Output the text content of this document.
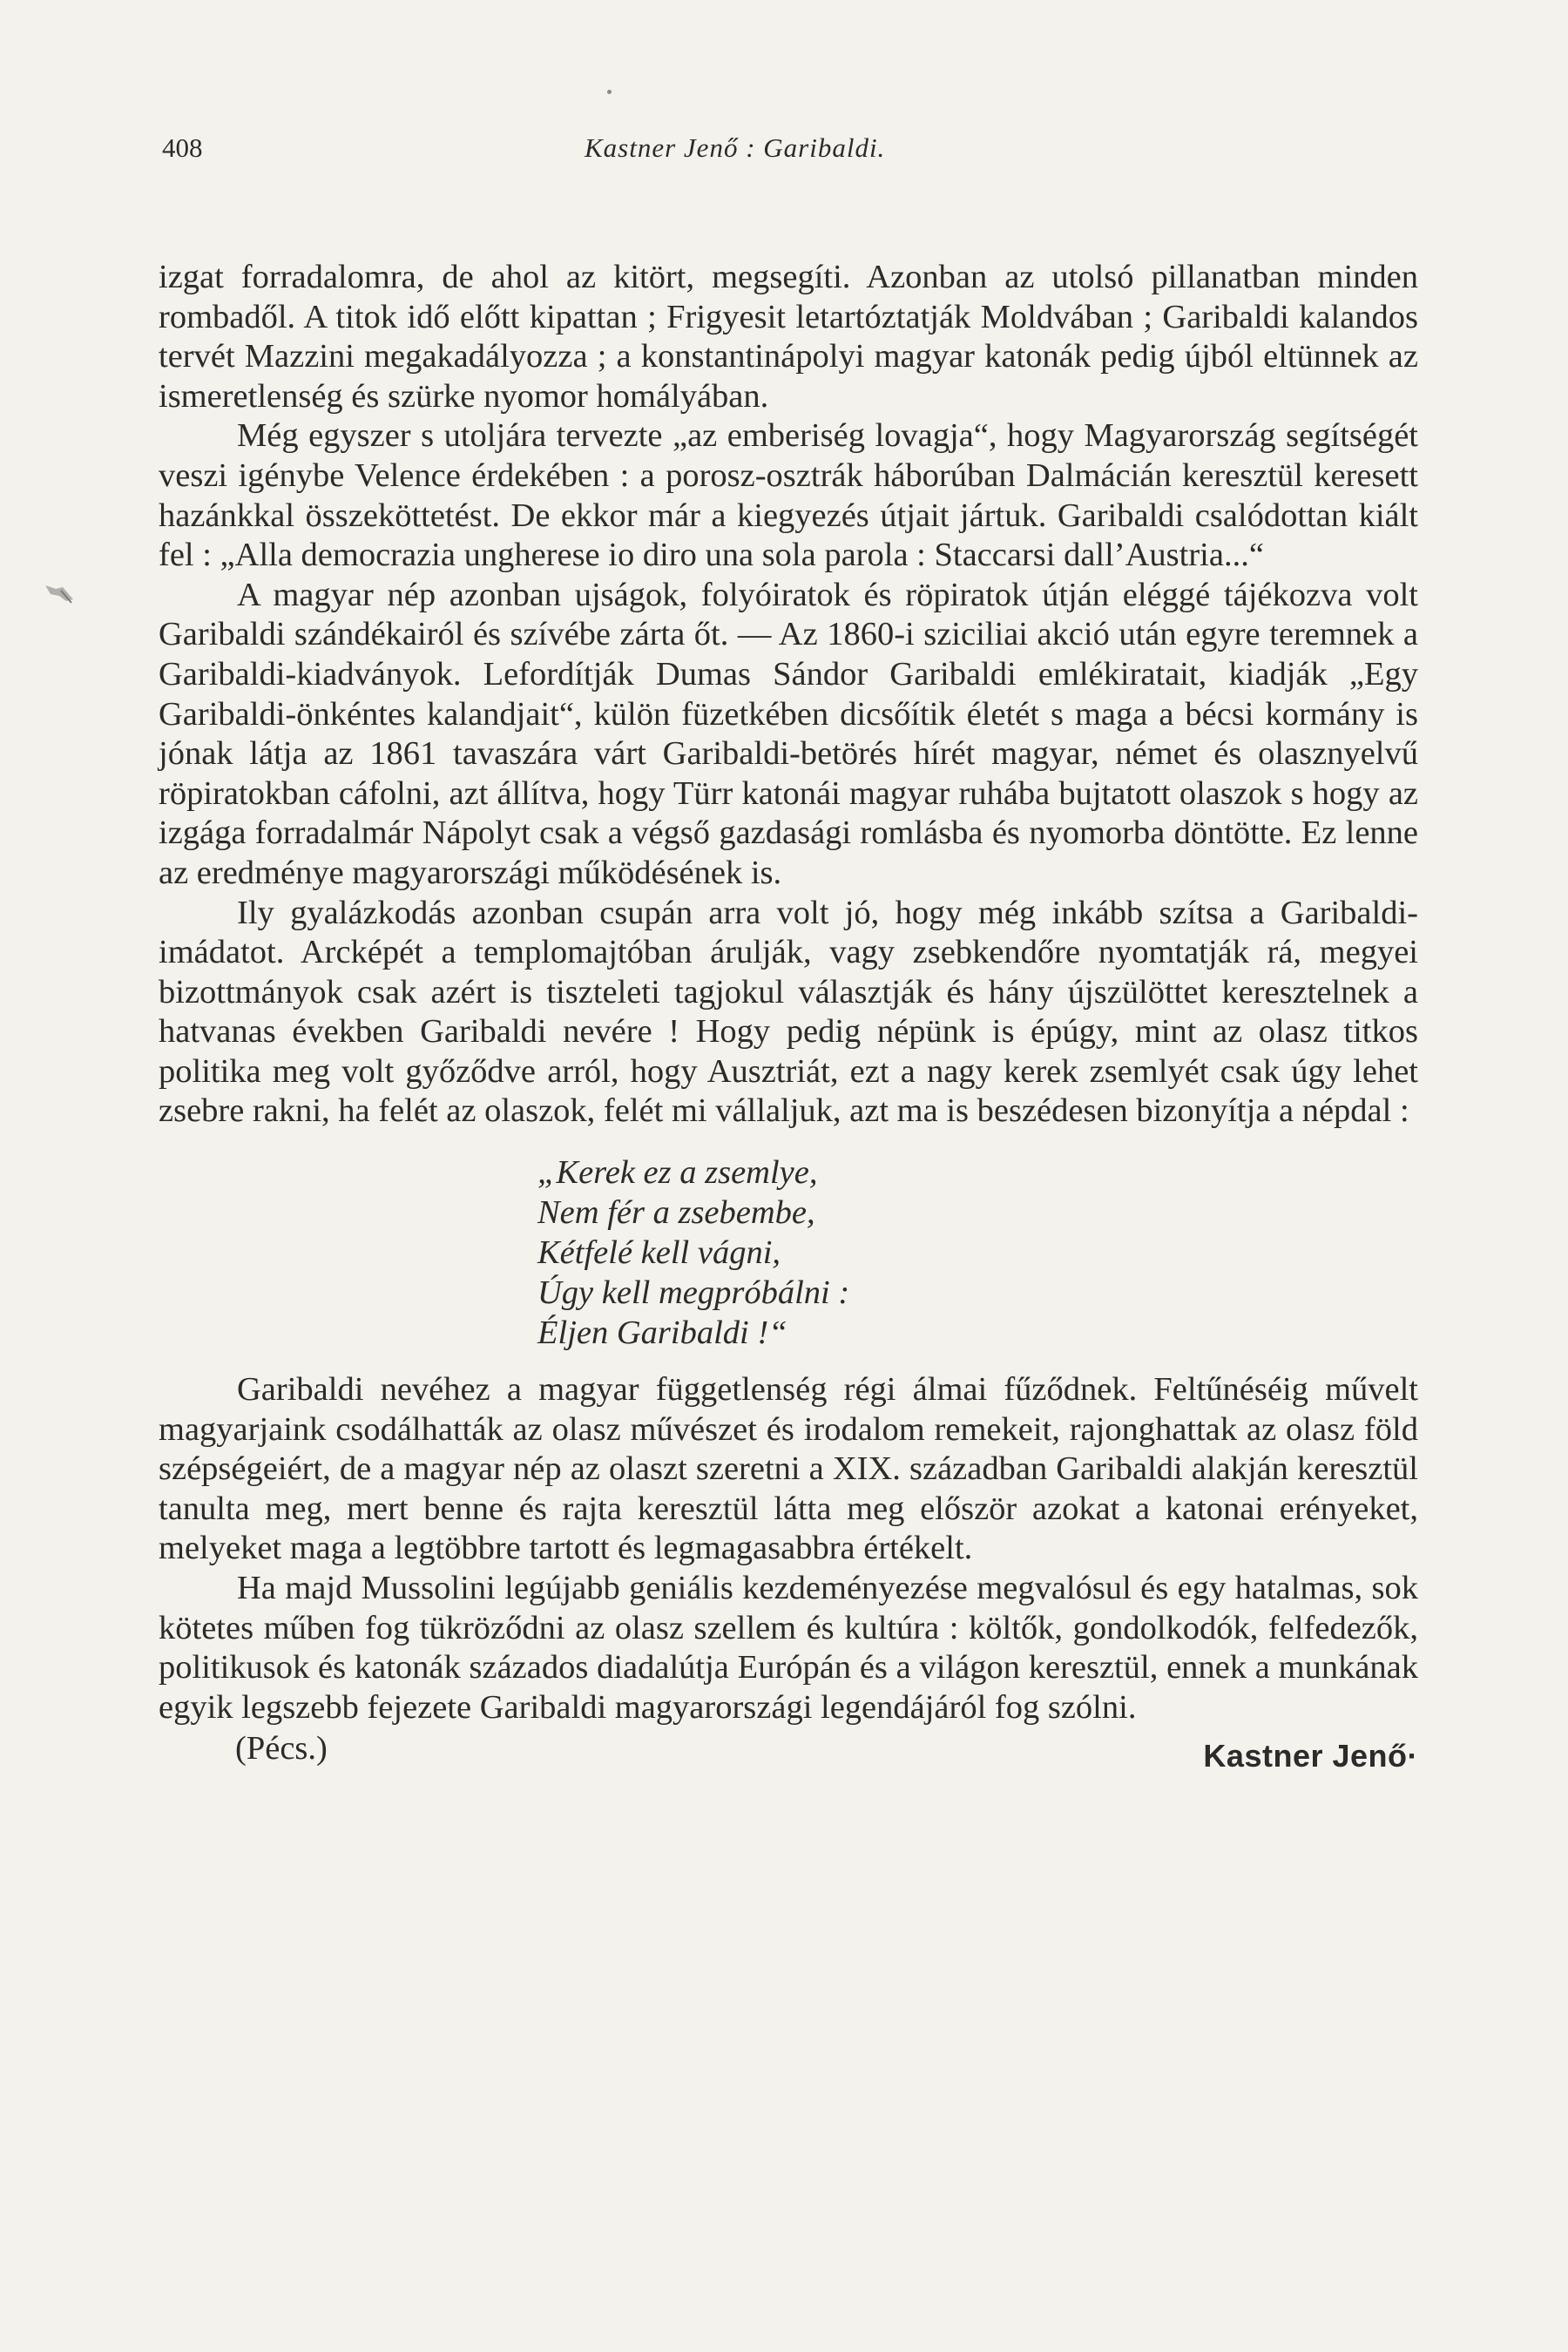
408	Kastner Jenő : Garibaldi.

izgat forradalomra, de ahol az kitört, megsegíti. Azonban az utolsó pillanatban minden rombadől. A titok idő előtt kipattan ; Frigyesit letartóztatják Moldvában ; Garibaldi kalandos tervét Mazzini megakadályozza ; a konstantinápolyi magyar katonák pedig újból eltünnek az ismeretlenség és szürke nyomor homályában.

Még egyszer s utoljára tervezte „az emberiség lovagja“, hogy Magyarország segítségét veszi igénybe Velence érdekében : a porosz-osztrák háborúban Dalmácián keresztül keresett hazánkkal összeköttetést. De ekkor már a kiegyezés útjait jártuk. Garibaldi csalódottan kiált fel : „Alla democrazia ungherese io diro una sola parola : Staccarsi dall’Austria...“

A magyar nép azonban ujságok, folyóiratok és röpiratok útján eléggé tájékozva volt Garibaldi szándékairól és szívébe zárta őt. — Az 1860-i sziciliai akció után egyre teremnek a Garibaldi-kiadványok. Lefordítják Dumas Sándor Garibaldi emlékiratait, kiadják „Egy Garibaldi-önkéntes kalandjait“, külön füzetkében dicsőítik életét s maga a bécsi kormány is jónak látja az 1861 tavaszára várt Garibaldi-betörés hírét magyar, német és olasznyelvű röpiratokban cáfolni, azt állítva, hogy Türr katonái magyar ruhába bujtatott olaszok s hogy az izgága forradalmár Nápolyt csak a végső gazdasági romlásba és nyomorba döntötte. Ez lenne az eredménye magyarországi működésének is.

Ily gyalázkodás azonban csupán arra volt jó, hogy még inkább szítsa a Garibaldi-imádatot. Arcképét a templomajtóban árulják, vagy zsebkendőre nyomtatják rá, megyei bizottmányok csak azért is tiszteleti tagjokul választják és hány újszülöttet keresztelnek a hatvanas években Garibaldi nevére ! Hogy pedig népünk is épúgy, mint az olasz titkos politika meg volt győződve arról, hogy Ausztriát, ezt a nagy kerek zsemlyét csak úgy lehet zsebre rakni, ha felét az olaszok, felét mi vállaljuk, azt ma is beszédesen bizonyítja a népdal :

„Kerek ez a zsemlye,
Nem fér a zsebembe,
Kétfelé kell vágni,
Úgy kell megpróbálni :
Éljen Garibaldi !“

Garibaldi nevéhez a magyar függetlenség régi álmai fűződnek. Feltűnéséig művelt magyarjaink csodálhatták az olasz művészet és irodalom remekeit, rajonghattak az olasz föld szépségeiért, de a magyar nép az olaszt szeretni a XIX. században Garibaldi alakján keresztül tanulta meg, mert benne és rajta keresztül látta meg először azokat a katonai erényeket, melyeket maga a legtöbbre tartott és legmagasabbra értékelt.

Ha majd Mussolini legújabb geniális kezdeményezése megvalósul és egy hatalmas, sok kötetes műben fog tükröződni az olasz szellem és kultúra : költők, gondolkodók, felfedezők, politikusok és katonák százados diadalútja Európán és a világon keresztül, ennek a munkának egyik legszebb fejezete Garibaldi magyarországi legendájáról fog szólni.

(Pécs.)	Kastner Jenő·
